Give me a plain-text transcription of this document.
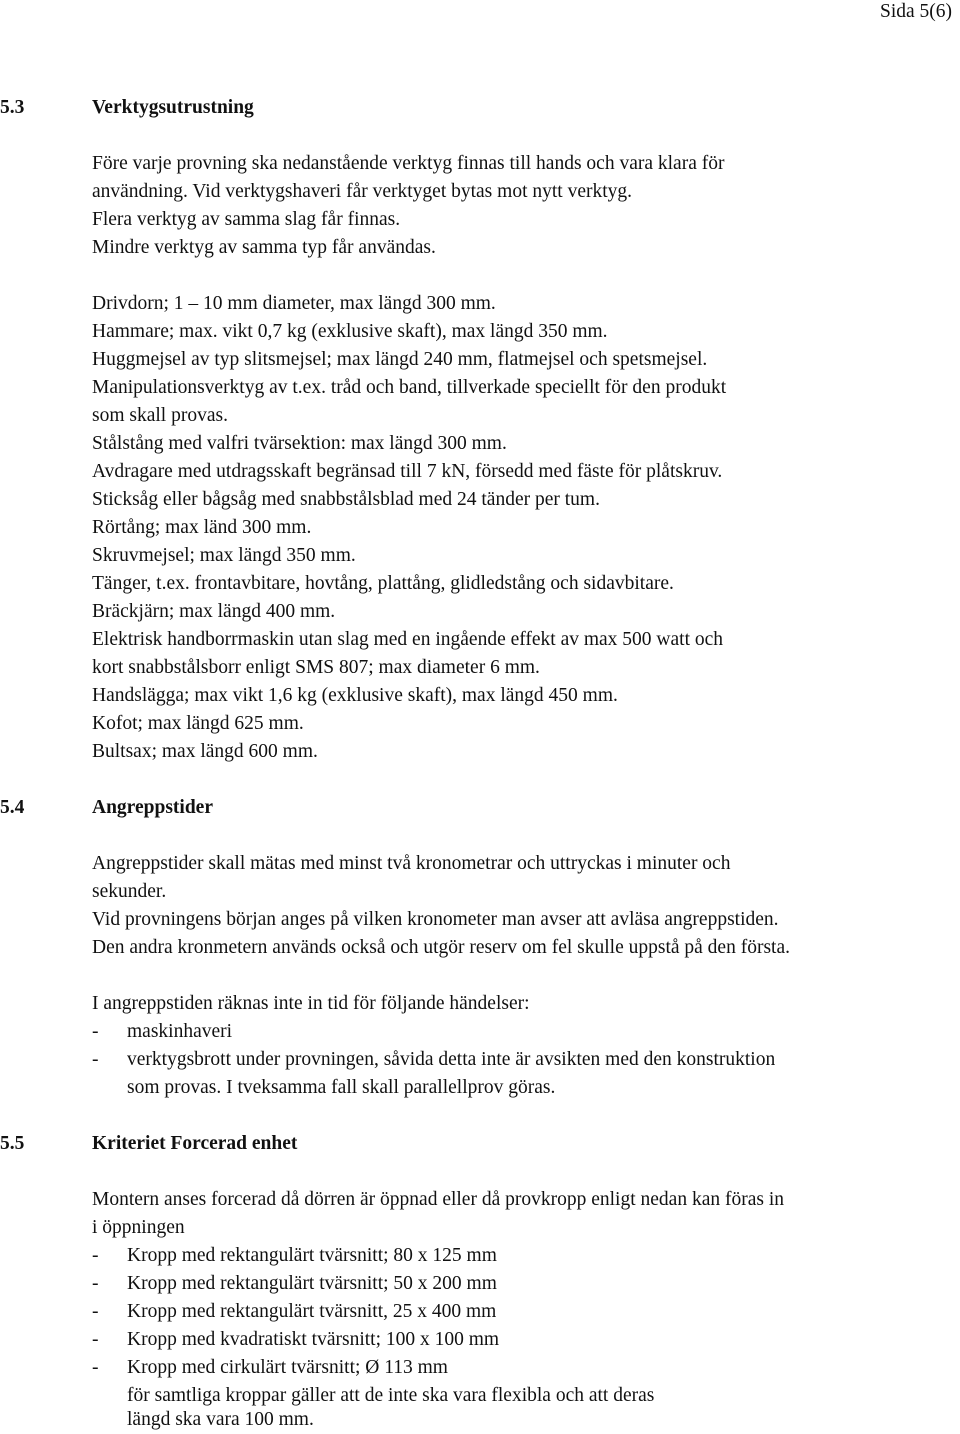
Sida 5(6)
5.3	Verktygsutrustning
Före varje provning ska nedanstående verktyg finnas till hands och vara klara för
användning. Vid verktygshaveri får verktyget bytas mot nytt verktyg.
Flera verktyg av samma slag får finnas.
Mindre verktyg av samma typ får användas.
Drivdorn; 1 – 10 mm diameter, max längd 300 mm.
Hammare; max. vikt 0,7 kg (exklusive skaft), max längd 350 mm.
Huggmejsel av typ slitsmejsel; max längd 240 mm, flatmejsel och spetsmejsel.
Manipulationsverktyg av t.ex. tråd och band, tillverkade speciellt för den produkt
som skall provas.
Stålstång med valfri tvärsektion: max längd 300 mm.
Avdragare med utdragsskaft begränsad till 7 kN, försedd med fäste för plåtskruv.
Sticksåg eller bågsåg med snabbstålsblad med 24 tänder per tum.
Rörtång; max länd 300 mm.
Skruvmejsel; max längd 350 mm.
Tänger, t.ex. frontavbitare, hovtång, plattång, glidledstång och sidavbitare.
Bräckjärn; max längd 400 mm.
Elektrisk handborrmaskin utan slag med en ingående effekt av max 500 watt och
kort snabbstålsborr enligt SMS 807; max diameter 6 mm.
Handslägga; max vikt 1,6 kg (exklusive skaft), max längd 450 mm.
Kofot; max längd 625 mm.
Bultsax; max längd 600 mm.
5.4	Angreppstider
Angreppstider skall mätas med minst två kronometrar och uttryckas i minuter och
sekunder.
Vid provningens början anges på vilken kronometer man avser att avläsa angreppstiden.
Den andra kronmetern används också och utgör reserv om fel skulle uppstå på den första.
I angreppstiden räknas inte in tid för följande händelser:
- maskinhaveri
- verktygsbrott under provningen, såvida detta inte är avsikten med den konstruktion
som provas. I tveksamma fall skall parallellprov göras.
5.5	Kriteriet Forcerad enhet
Montern anses forcerad då dörren är öppnad eller då provkropp enligt nedan kan föras in
i öppningen
- Kropp med rektangulärt tvärsnitt; 80 x 125 mm
- Kropp med rektangulärt tvärsnitt; 50 x 200 mm
- Kropp med rektangulärt tvärsnitt, 25 x 400 mm
- Kropp med kvadratiskt tvärsnitt; 100 x 100 mm
- Kropp med cirkulärt tvärsnitt; Ø 113 mm
för samtliga kroppar gäller att de inte ska vara flexibla och att deras
längd ska vara 100 mm.
